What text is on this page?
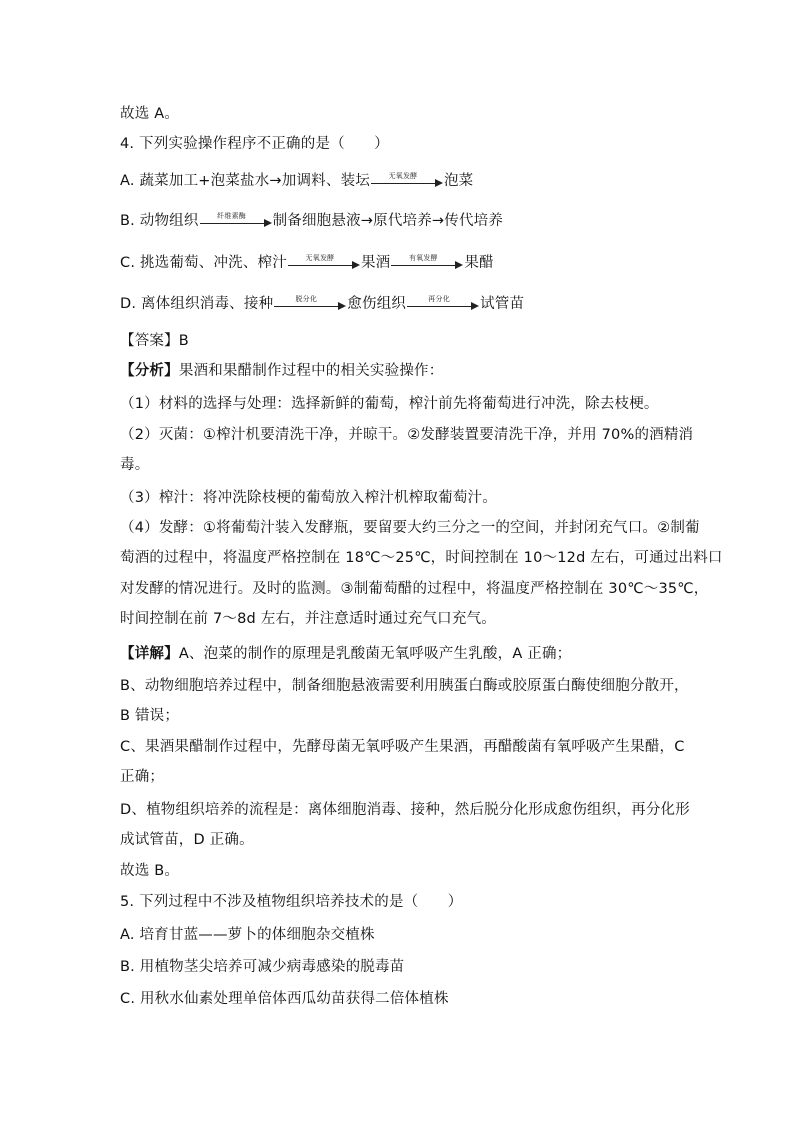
故选 A。
4. 下列实验操作程序不正确的是（　　）
A. 蔬菜加工+泡菜盐水→加调料、装坛	无氧发酵	泡菜
B. 动物组织	纤维素酶	制备细胞悬液→原代培养→传代培养
C. 挑选葡萄、冲洗、榨汁	无氧发酵	果酒	有氧发酵	果醋
D. 离体组织消毒、接种	脱分化	愈伤组织	再分化	试管苗
【答案】B
【分析】果酒和果醋制作过程中的相关实验操作：
（1）材料的选择与处理：选择新鲜的葡萄，榨汁前先将葡萄进行冲洗，除去枝梗。
（2）灭菌：①榨汁机要清洗干净，并晾干。②发酵装置要清洗干净，并用 70%的酒精消
毒。
（3）榨汁：将冲洗除枝梗的葡萄放入榨汁机榨取葡萄汁。
（4）发酵：①将葡萄汁装入发酵瓶，要留要大约三分之一的空间，并封闭充气口。②制葡
萄酒的过程中，将温度严格控制在 18℃～25℃，时间控制在 10～12d 左右，可通过出料口
对发酵的情况进行。及时的监测。③制葡萄醋的过程中，将温度严格控制在 30℃～35℃，
时间控制在前 7～8d 左右，并注意适时通过充气口充气。
【详解】A、泡菜的制作的原理是乳酸菌无氧呼吸产生乳酸，A 正确；
B、动物细胞培养过程中，制备细胞悬液需要利用胰蛋白酶或胶原蛋白酶使细胞分散开，
B 错误；
C、果酒果醋制作过程中，先酵母菌无氧呼吸产生果酒，再醋酸菌有氧呼吸产生果醋，C
正确；
D、植物组织培养的流程是：离体细胞消毒、接种，然后脱分化形成愈伤组织，再分化形
成试管苗，D 正确。
故选 B。
5. 下列过程中不涉及植物组织培养技术的是（　　）
A. 培育甘蓝——萝卜的体细胞杂交植株
B. 用植物茎尖培养可减少病毒感染的脱毒苗
C. 用秋水仙素处理单倍体西瓜幼苗获得二倍体植株
